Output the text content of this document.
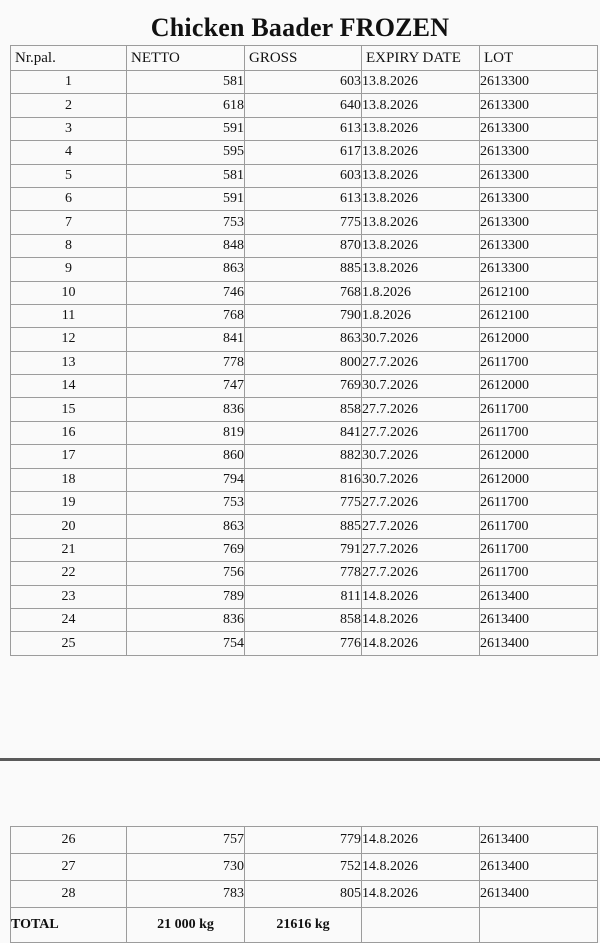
Chicken Baader FROZEN
Nr.pal.	NETTO	GROSS	EXPIRY DATE	LOT
1	581	603	13.8.2026	2613300
2	618	640	13.8.2026	2613300
3	591	613	13.8.2026	2613300
4	595	617	13.8.2026	2613300
5	581	603	13.8.2026	2613300
6	591	613	13.8.2026	2613300
7	753	775	13.8.2026	2613300
8	848	870	13.8.2026	2613300
9	863	885	13.8.2026	2613300
10	746	768	1.8.2026	2612100
11	768	790	1.8.2026	2612100
12	841	863	30.7.2026	2612000
13	778	800	27.7.2026	2611700
14	747	769	30.7.2026	2612000
15	836	858	27.7.2026	2611700
16	819	841	27.7.2026	2611700
17	860	882	30.7.2026	2612000
18	794	816	30.7.2026	2612000
19	753	775	27.7.2026	2611700
20	863	885	27.7.2026	2611700
21	769	791	27.7.2026	2611700
22	756	778	27.7.2026	2611700
23	789	811	14.8.2026	2613400
24	836	858	14.8.2026	2613400
25	754	776	14.8.2026	2613400
26	757	779	14.8.2026	2613400
27	730	752	14.8.2026	2613400
28	783	805	14.8.2026	2613400
TOTAL	21 000 kg	21616 kg		
